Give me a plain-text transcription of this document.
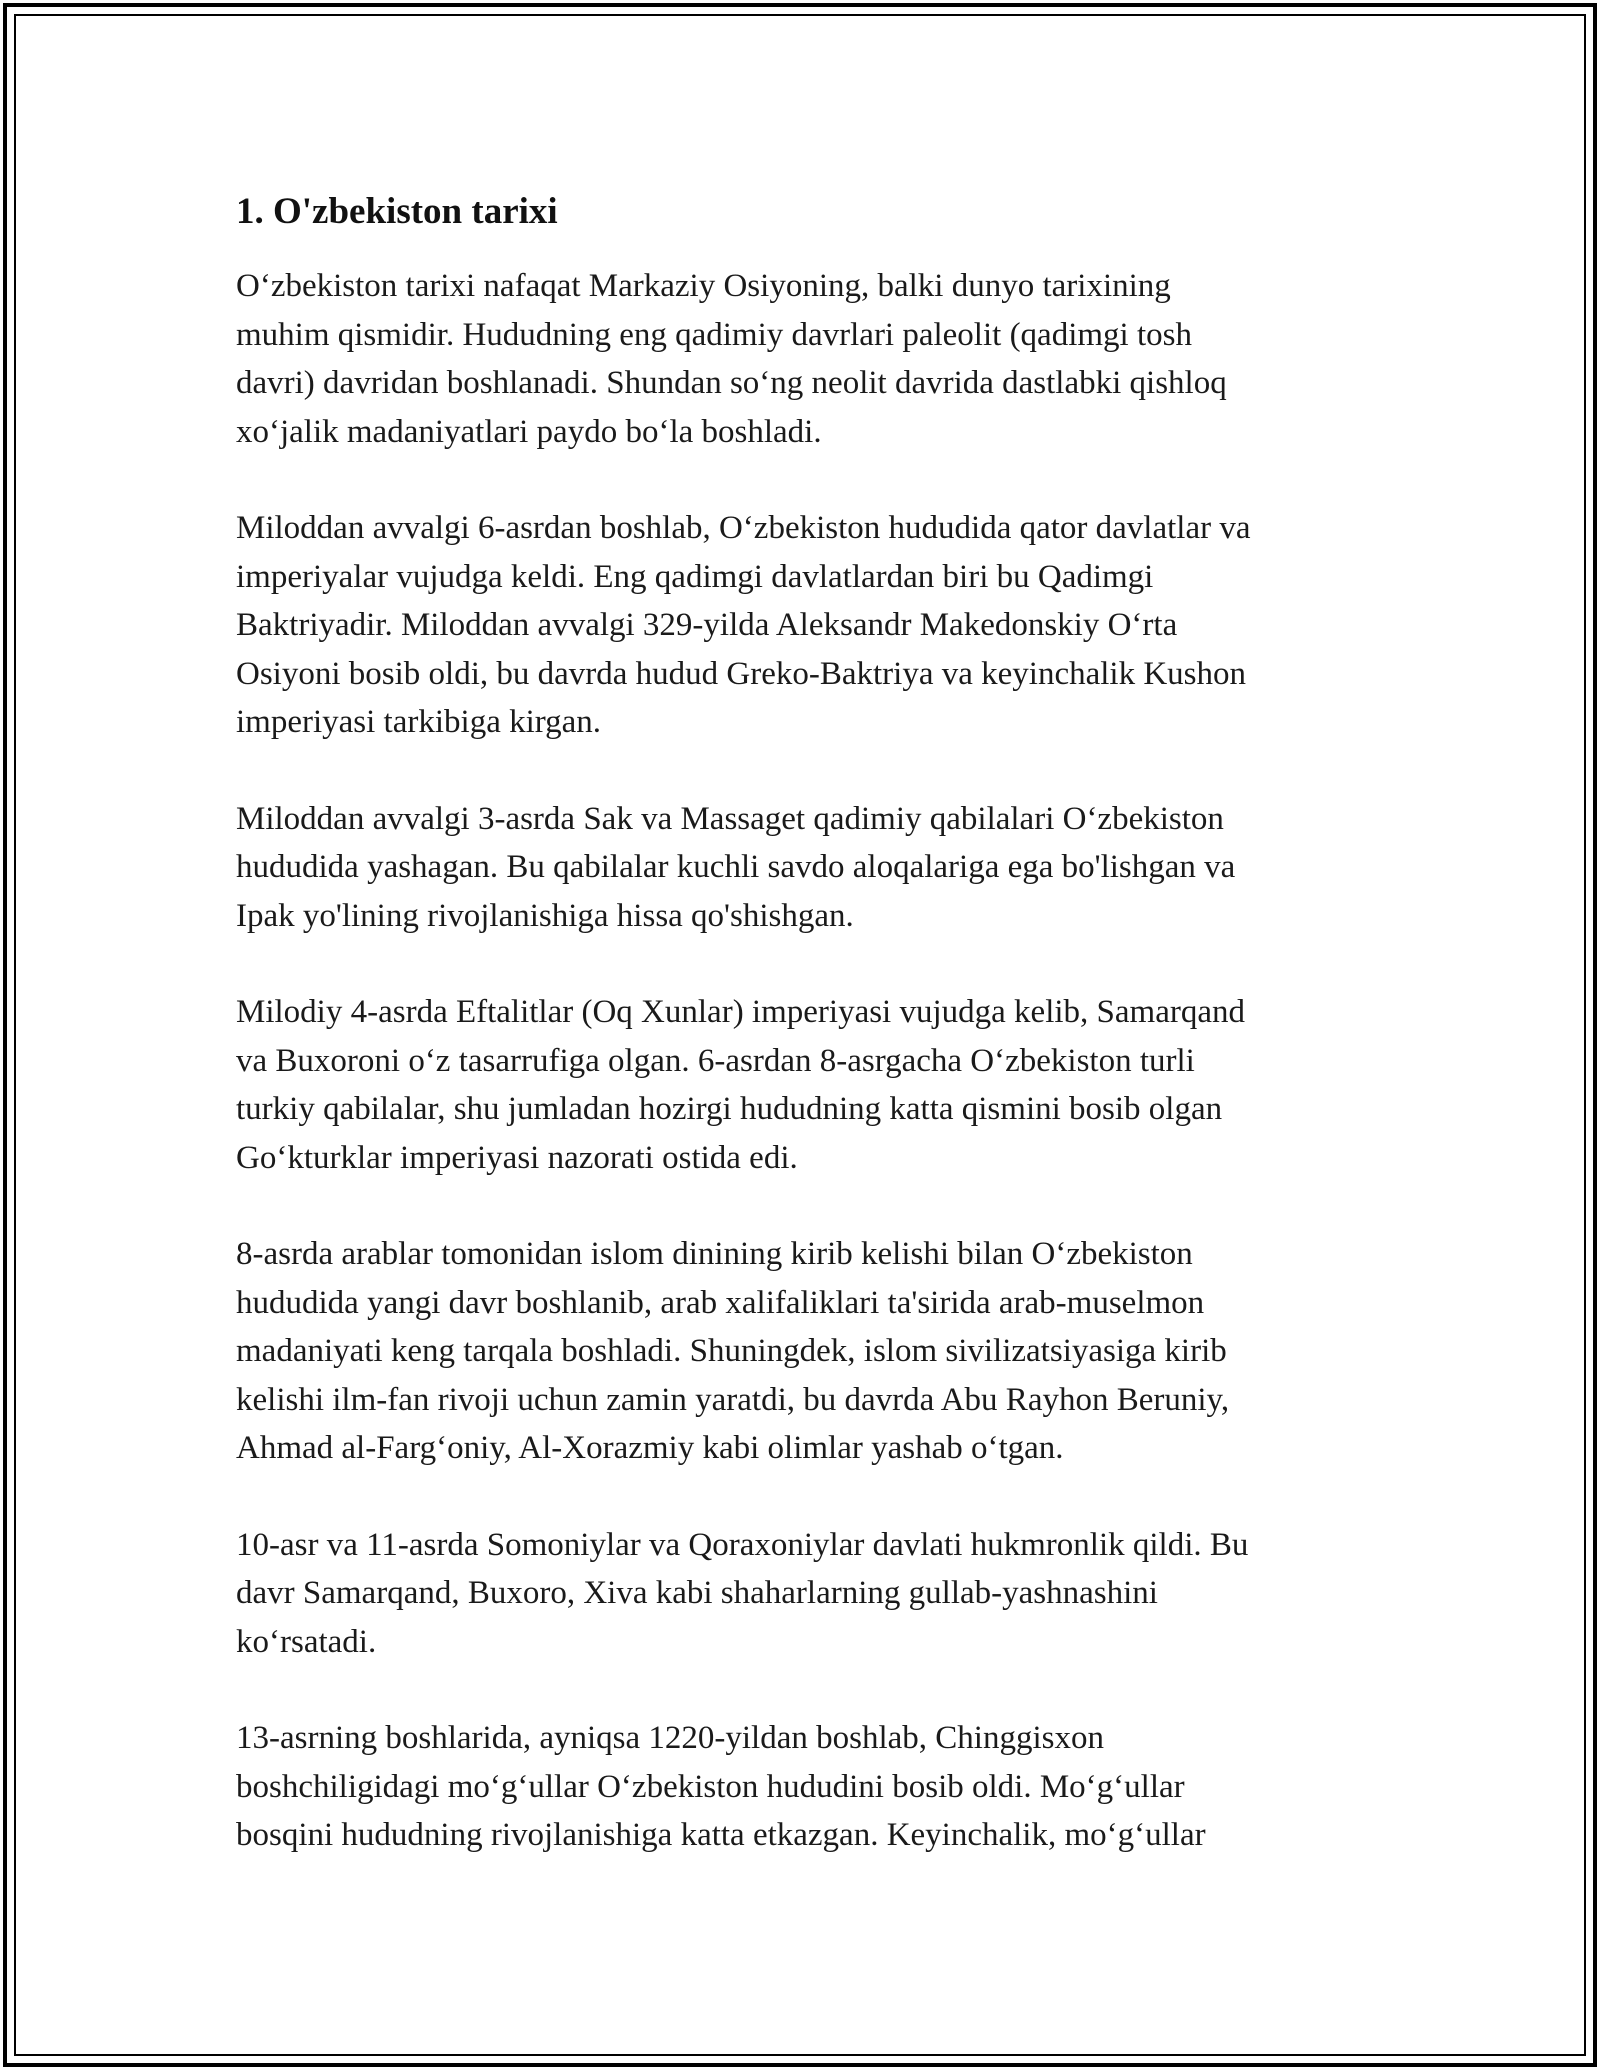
1. O'zbekiston tarixi

O‘zbekiston tarixi nafaqat Markaziy Osiyoning, balki dunyo tarixining
muhim qismidir. Hududning eng qadimiy davrlari paleolit (qadimgi tosh
davri) davridan boshlanadi. Shundan so‘ng neolit davrida dastlabki qishloq
xo‘jalik madaniyatlari paydo bo‘la boshladi.

Miloddan avvalgi 6-asrdan boshlab, O‘zbekiston hududida qator davlatlar va
imperiyalar vujudga keldi. Eng qadimgi davlatlardan biri bu Qadimgi
Baktriyadir. Miloddan avvalgi 329-yilda Aleksandr Makedonskiy O‘rta
Osiyoni bosib oldi, bu davrda hudud Greko-Baktriya va keyinchalik Kushon
imperiyasi tarkibiga kirgan.

Miloddan avvalgi 3-asrda Sak va Massaget qadimiy qabilalari O‘zbekiston
hududida yashagan. Bu qabilalar kuchli savdo aloqalariga ega bo'lishgan va
Ipak yo'lining rivojlanishiga hissa qo'shishgan.

Milodiy 4-asrda Eftalitlar (Oq Xunlar) imperiyasi vujudga kelib, Samarqand
va Buxoroni o‘z tasarrufiga olgan. 6-asrdan 8-asrgacha O‘zbekiston turli
turkiy qabilalar, shu jumladan hozirgi hududning katta qismini bosib olgan
Go‘kturklar imperiyasi nazorati ostida edi.

8-asrda arablar tomonidan islom dinining kirib kelishi bilan O‘zbekiston
hududida yangi davr boshlanib, arab xalifaliklari ta'sirida arab-muselmon
madaniyati keng tarqala boshladi. Shuningdek, islom sivilizatsiyasiga kirib
kelishi ilm-fan rivoji uchun zamin yaratdi, bu davrda Abu Rayhon Beruniy,
Ahmad al-Farg‘oniy, Al-Xorazmiy kabi olimlar yashab o‘tgan.

10-asr va 11-asrda Somoniylar va Qoraxoniylar davlati hukmronlik qildi. Bu
davr Samarqand, Buxoro, Xiva kabi shaharlarning gullab-yashnashini
ko‘rsatadi.

13-asrning boshlarida, ayniqsa 1220-yildan boshlab, Chinggisxon
boshchiligidagi mo‘g‘ullar O‘zbekiston hududini bosib oldi. Mo‘g‘ullar
bosqini hududning rivojlanishiga katta etkazgan. Keyinchalik, mo‘g‘ullar
